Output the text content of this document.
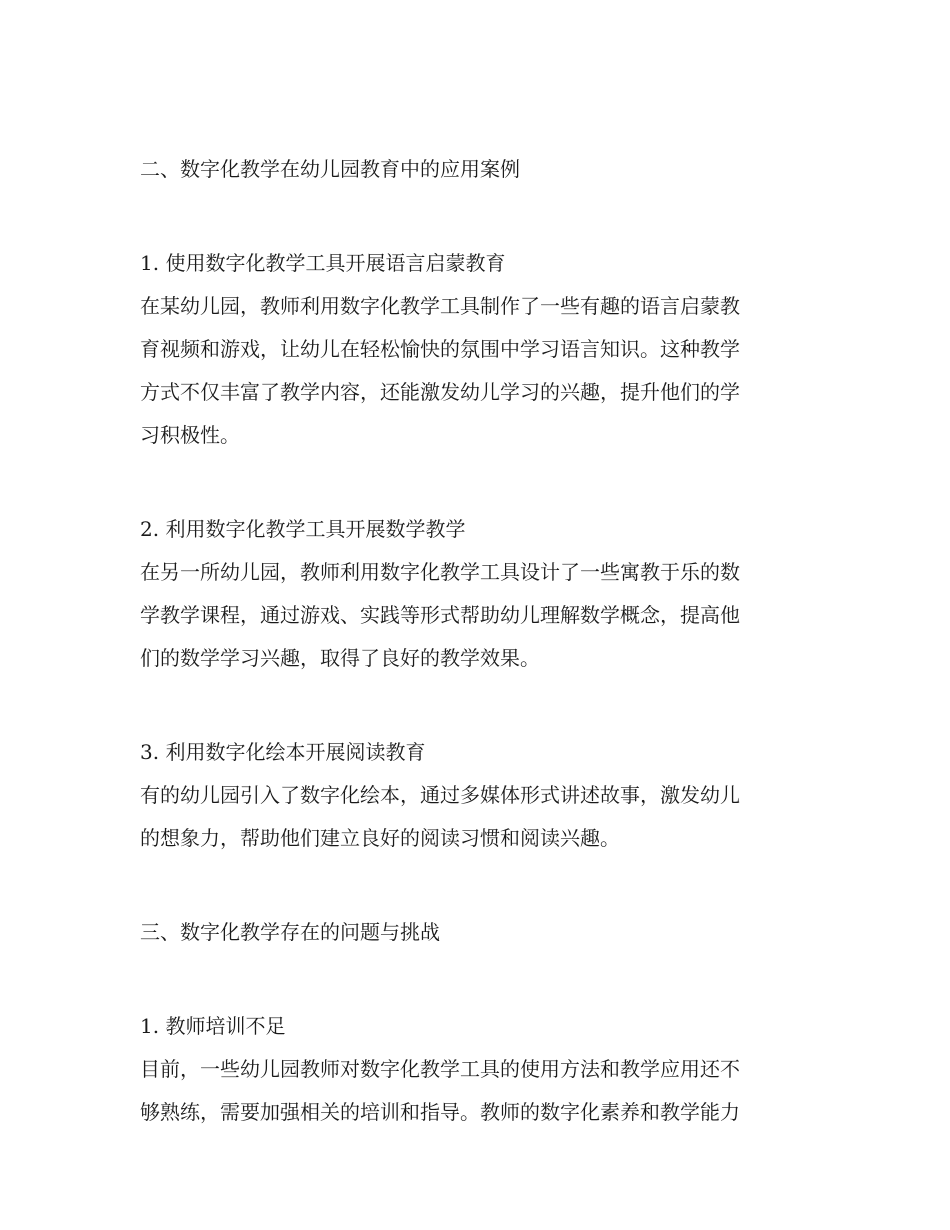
二、数字化教学在幼儿园教育中的应用案例

1. 使用数字化教学工具开展语言启蒙教育

在某幼儿园，教师利用数字化教学工具制作了一些有趣的语言启蒙教

育视频和游戏，让幼儿在轻松愉快的氛围中学习语言知识。这种教学

方式不仅丰富了教学内容，还能激发幼儿学习的兴趣，提升他们的学

习积极性。

2. 利用数字化教学工具开展数学教学

在另一所幼儿园，教师利用数字化教学工具设计了一些寓教于乐的数

学教学课程，通过游戏、实践等形式帮助幼儿理解数学概念，提高他

们的数学学习兴趣，取得了良好的教学效果。

3. 利用数字化绘本开展阅读教育

有的幼儿园引入了数字化绘本，通过多媒体形式讲述故事，激发幼儿

的想象力，帮助他们建立良好的阅读习惯和阅读兴趣。

三、数字化教学存在的问题与挑战

1. 教师培训不足

目前，一些幼儿园教师对数字化教学工具的使用方法和教学应用还不

够熟练，需要加强相关的培训和指导。教师的数字化素养和教学能力
